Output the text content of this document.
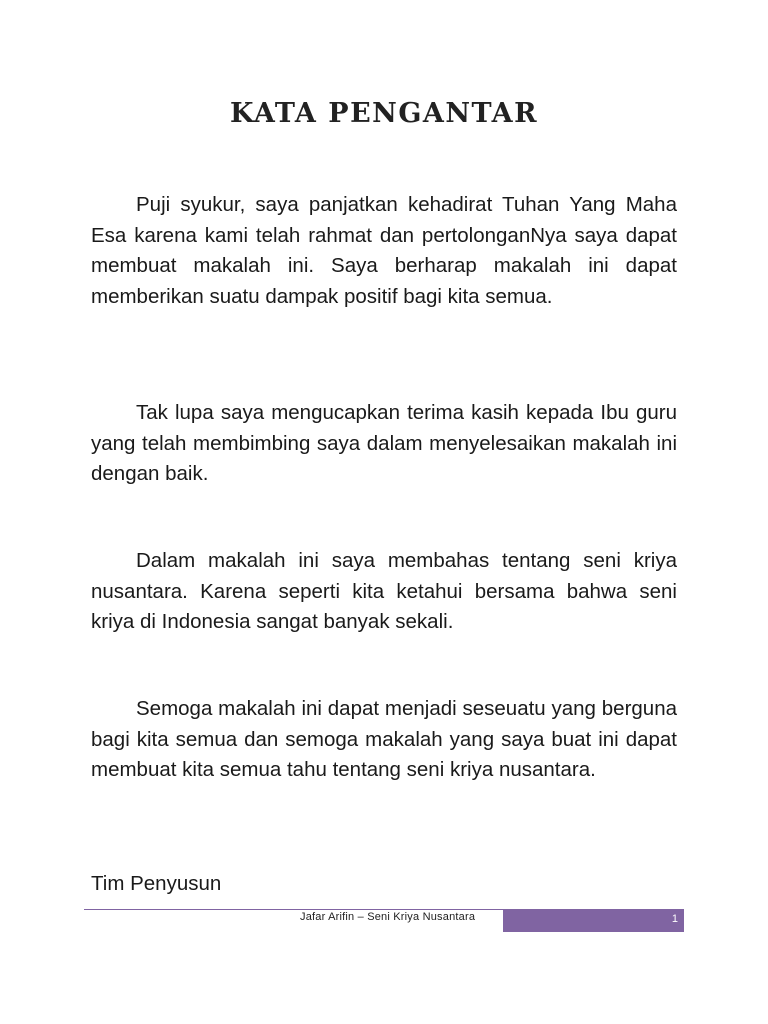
KATA PENGANTAR

Puji syukur, saya panjatkan kehadirat Tuhan Yang Maha Esa karena kami telah rahmat dan pertolonganNya saya dapat membuat makalah ini. Saya berharap makalah ini dapat memberikan suatu dampak positif bagi kita semua.

Tak lupa saya mengucapkan terima kasih kepada Ibu guru yang telah membimbing saya dalam menyelesaikan makalah ini dengan baik.

Dalam makalah ini saya membahas tentang seni kriya nusantara. Karena seperti kita ketahui bersama bahwa seni kriya di Indonesia sangat banyak sekali.

Semoga makalah ini dapat menjadi seseuatu yang berguna bagi kita semua dan semoga makalah yang saya buat ini dapat membuat kita semua tahu tentang seni kriya nusantara.

Tim Penyusun
Jafar Arifin – Seni Kriya Nusantara	1
